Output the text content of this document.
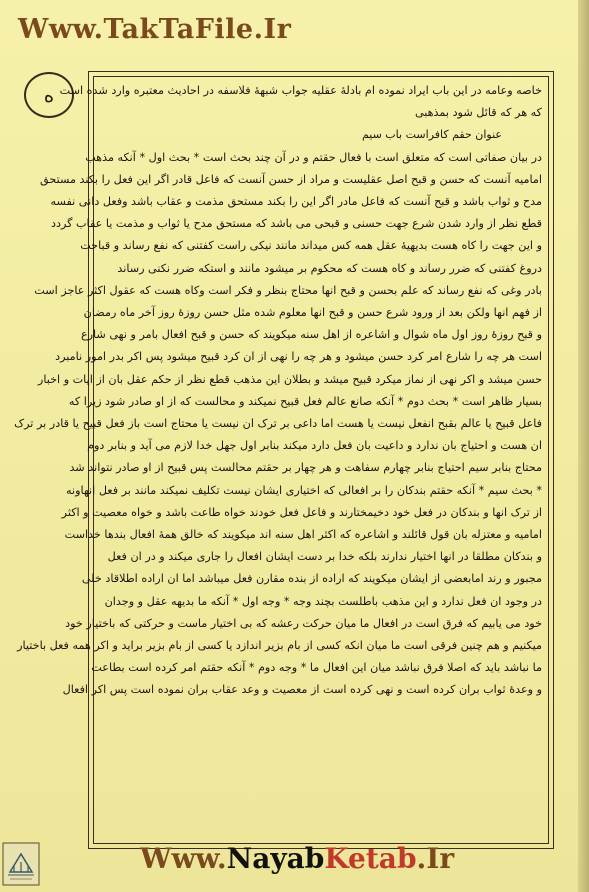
Www.TakTaFile.Ir
ه خاصه وعامه در این باب ایراد نموده ام بادلهٔ عقلیه جواب شبههٔ فلاسفه در احادیث معتبره وارد شده است
که هر که قائل شود بمذهبی
عنوان حقم کافراست باب سیم
در بیان صفاتی است که متعلق است با فعال حقتم و در آن چند بحث است * بحث اول * آنکه مذهب
امامیه آنست که حسن و قبح اصل عقلیست و مراد از حسن آنست که فاعل قادر اگر این فعل را بکند مستحق
مدح و ثواب باشد و قبح آنست که فاعل مادر اگر این را بکند مستحق مذمت و عقاب باشد وفعل دانی نفسه
قطع نظر از وارد شدن شرع جهت حسنی و قبحی می باشد که مستحق مدح یا ثواب و مذمت یا عقاب گردد
و این جهت را کاه هست بدیهیهٔ عقل همه کس میداند مانند نیکی راست کفتنی که نفع رساند و قباحت
دروغ کفتنی که ضرر رساند و کاه هست که محکوم بر میشود مانند و استکه ضرر نکنی رساند
بادر وغی که نفع رساند که علم بحسن و قبح انها محتاج بنظر و فکر است وکاه هست که عقول اکثر عاجز است
از فهم انها ولکن بعد از ورود شرع حسن و قبح انها معلوم شده مثل حسن روزهٔ روز آخر ماه رمضان
و قبح روزهٔ روز اول ماه شوال و اشاعره از اهل سنه میکویند که حسن و قبح افعال بامر و نهی شارع
است هر چه را شارع امر کرد حسن میشود و هر چه را نهی از ان کرد قبیح میشود پس اکر بدر امور نامبرد
حسن میشد و اکر نهی از نماز میکرد قبیح میشد و بطلان این مذهب قطع نظر از حکم عقل بان از ایات و اخبار
بسیار ظاهر است * بحث دوم * آنکه صانع عالم فعل قبیح نمیکند و محالست که از او صادر شود زیرا که
فاعل قبیح یا عالم بقبح انفعل نیست یا هست اما داعی بر ترک ان نیست یا محتاج است باز فعل قبیح یا قادر بر ترک
ان هست و احتیاج بان ندارد و داعیت بان فعل دارد میکند بنابر اول جهل خدا لازم می آید و بنابر دوم
محتاج بنابر سیم احتیاج بنابر چهارم سفاهت و هر چهار بر حقتم محالست پس قبیح از او صادر نتواند شد
* بحث سیم * آنکه حقتم بندکان را بر افعالی که اختیاری ایشان نیست تکلیف نمیکند مانند بر فعل انهاونه
از ترک انها و بندکان در فعل خود دخیمختارند و فاعل فعل خودند خواه طاعت باشد و خواه معصیت و اکثر
امامیه و معتزله بان قول قائلند و اشاعره که اکثر اهل سنه اند میکویند که خالق همهٔ افعال بندها خداست
و بندکان مطلقا در انها اختیار ندارند بلکه خدا بر دست ایشان افعال را جاری میکند و در ان فعل
مجبور و رند امابعضی از ایشان میکویند که اراده از بنده مقارن فعل میباشد اما ان اراده اطلاقاد خلی
در وجود ان فعل ندارد و این مذهب باطلست بچند وجه * وجه اول * آنکه ما بدیهه عقل و وجدان
خود می یابیم که فرق است در افعال ما میان حرکت رعشه که بی اختیار ماست و حرکتی که باختیار خود
میکنیم و هم چنین فرقی است ما میان انکه کسی از بام بزیر اندازد یا کسی از بام بزیر براید و اکر همه فعل باختیار
ما نباشد باید که اصلا فرق نباشد میان این افعال ما * وجه دوم * آنکه حقتم امر کرده است بطاعت
و وعدهٔ ثواب بران کرده است و نهی کرده است از معصیت و وعد عقاب بران نموده است پس اکر افعال
Www.NayabKetab.Ir
